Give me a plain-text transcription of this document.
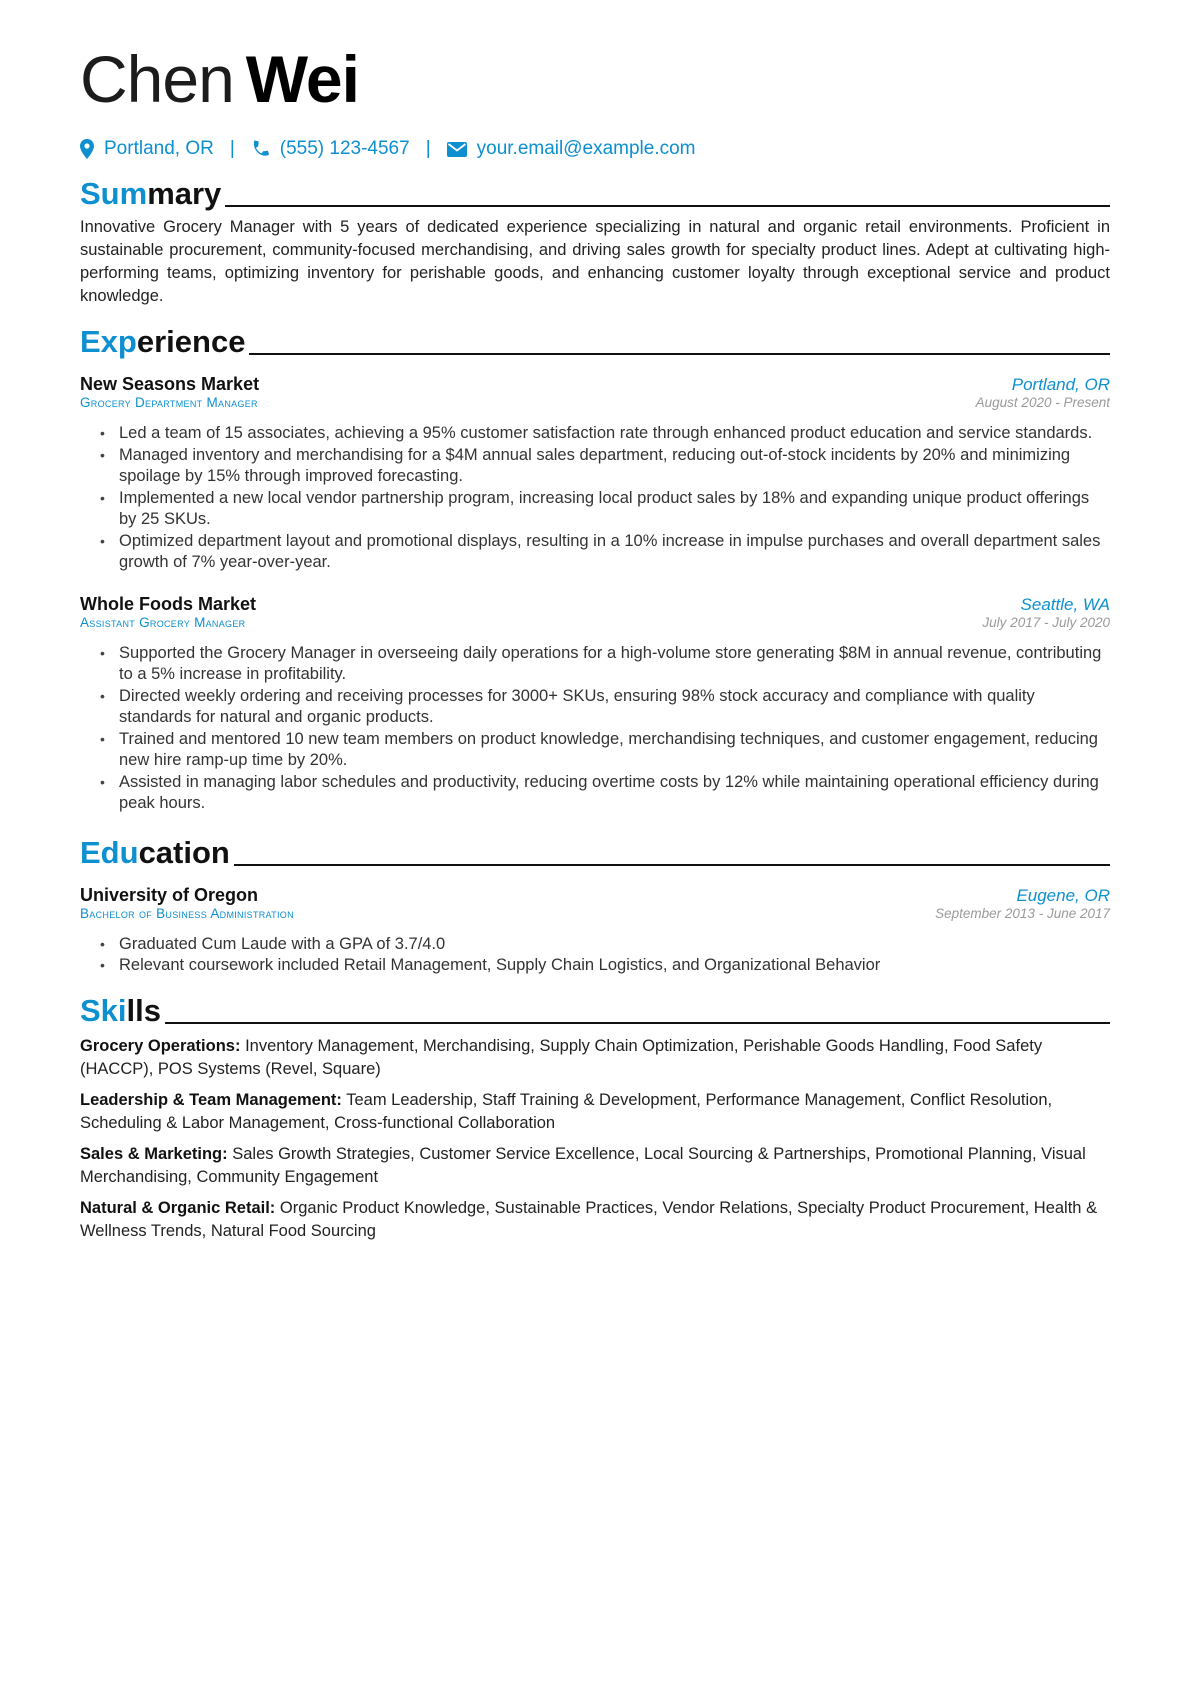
Chen Wei
Portland, OR | (555) 123-4567 | your.email@example.com
Summary
Innovative Grocery Manager with 5 years of dedicated experience specializing in natural and organic retail environments. Proficient in sustainable procurement, community-focused merchandising, and driving sales growth for specialty product lines. Adept at cultivating high-performing teams, optimizing inventory for perishable goods, and enhancing customer loyalty through exceptional service and product knowledge.
Experience
New Seasons Market	Portland, OR
Grocery Department Manager	August 2020 - Present
• Led a team of 15 associates, achieving a 95% customer satisfaction rate through enhanced product education and service standards.
• Managed inventory and merchandising for a $4M annual sales department, reducing out-of-stock incidents by 20% and minimizing spoilage by 15% through improved forecasting.
• Implemented a new local vendor partnership program, increasing local product sales by 18% and expanding unique product offerings by 25 SKUs.
• Optimized department layout and promotional displays, resulting in a 10% increase in impulse purchases and overall department sales growth of 7% year-over-year.
Whole Foods Market	Seattle, WA
Assistant Grocery Manager	July 2017 - July 2020
• Supported the Grocery Manager in overseeing daily operations for a high-volume store generating $8M in annual revenue, contributing to a 5% increase in profitability.
• Directed weekly ordering and receiving processes for 3000+ SKUs, ensuring 98% stock accuracy and compliance with quality standards for natural and organic products.
• Trained and mentored 10 new team members on product knowledge, merchandising techniques, and customer engagement, reducing new hire ramp-up time by 20%.
• Assisted in managing labor schedules and productivity, reducing overtime costs by 12% while maintaining operational efficiency during peak hours.
Education
University of Oregon	Eugene, OR
Bachelor of Business Administration	September 2013 - June 2017
• Graduated Cum Laude with a GPA of 3.7/4.0
• Relevant coursework included Retail Management, Supply Chain Logistics, and Organizational Behavior
Skills
Grocery Operations: Inventory Management, Merchandising, Supply Chain Optimization, Perishable Goods Handling, Food Safety (HACCP), POS Systems (Revel, Square)
Leadership & Team Management: Team Leadership, Staff Training & Development, Performance Management, Conflict Resolution, Scheduling & Labor Management, Cross-functional Collaboration
Sales & Marketing: Sales Growth Strategies, Customer Service Excellence, Local Sourcing & Partnerships, Promotional Planning, Visual Merchandising, Community Engagement
Natural & Organic Retail: Organic Product Knowledge, Sustainable Practices, Vendor Relations, Specialty Product Procurement, Health & Wellness Trends, Natural Food Sourcing
